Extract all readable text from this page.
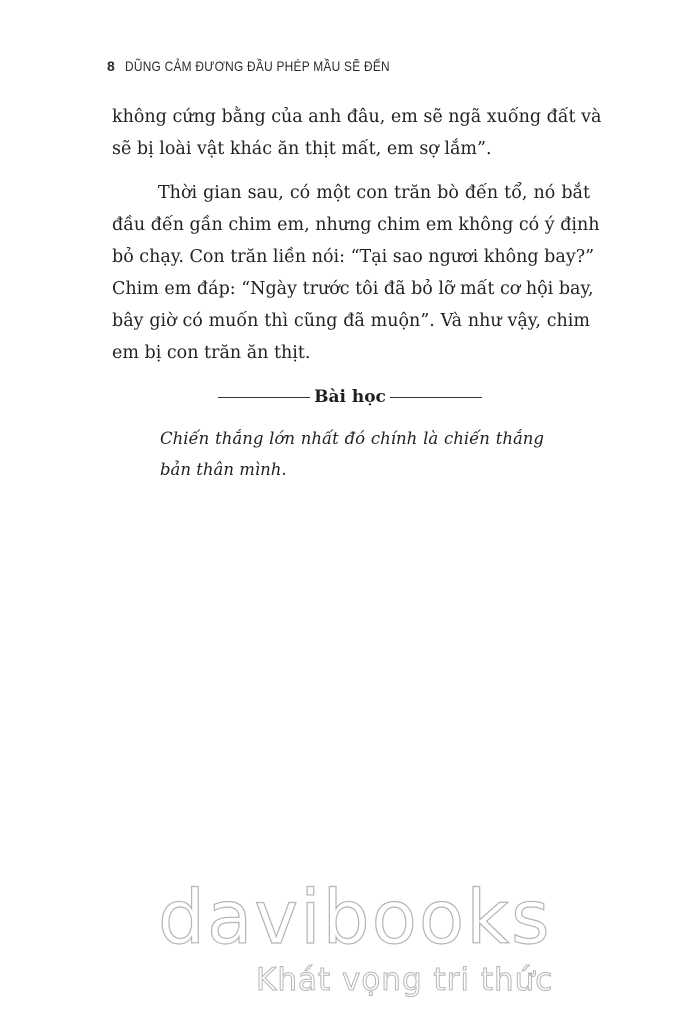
8 DŨNG CẢM ĐƯƠNG ĐẦU PHÉP MẦU SẼ ĐẾN
không cứng bằng của anh đâu, em sẽ ngã xuống đất và
sẽ bị loài vật khác ăn thịt mất, em sợ lắm”.
Thời gian sau, có một con trăn bò đến tổ, nó bắt
đầu đến gần chim em, nhưng chim em không có ý định
bỏ chạy. Con trăn liền nói: “Tại sao ngươi không bay?”
Chim em đáp: “Ngày trước tôi đã bỏ lỡ mất cơ hội bay,
bây giờ có muốn thì cũng đã muộn”. Và như vậy, chim
em bị con trăn ăn thịt.
Bài học
Chiến thắng lớn nhất đó chính là chiến thắng
bản thân mình.
davibooks
Khát vọng tri thức
